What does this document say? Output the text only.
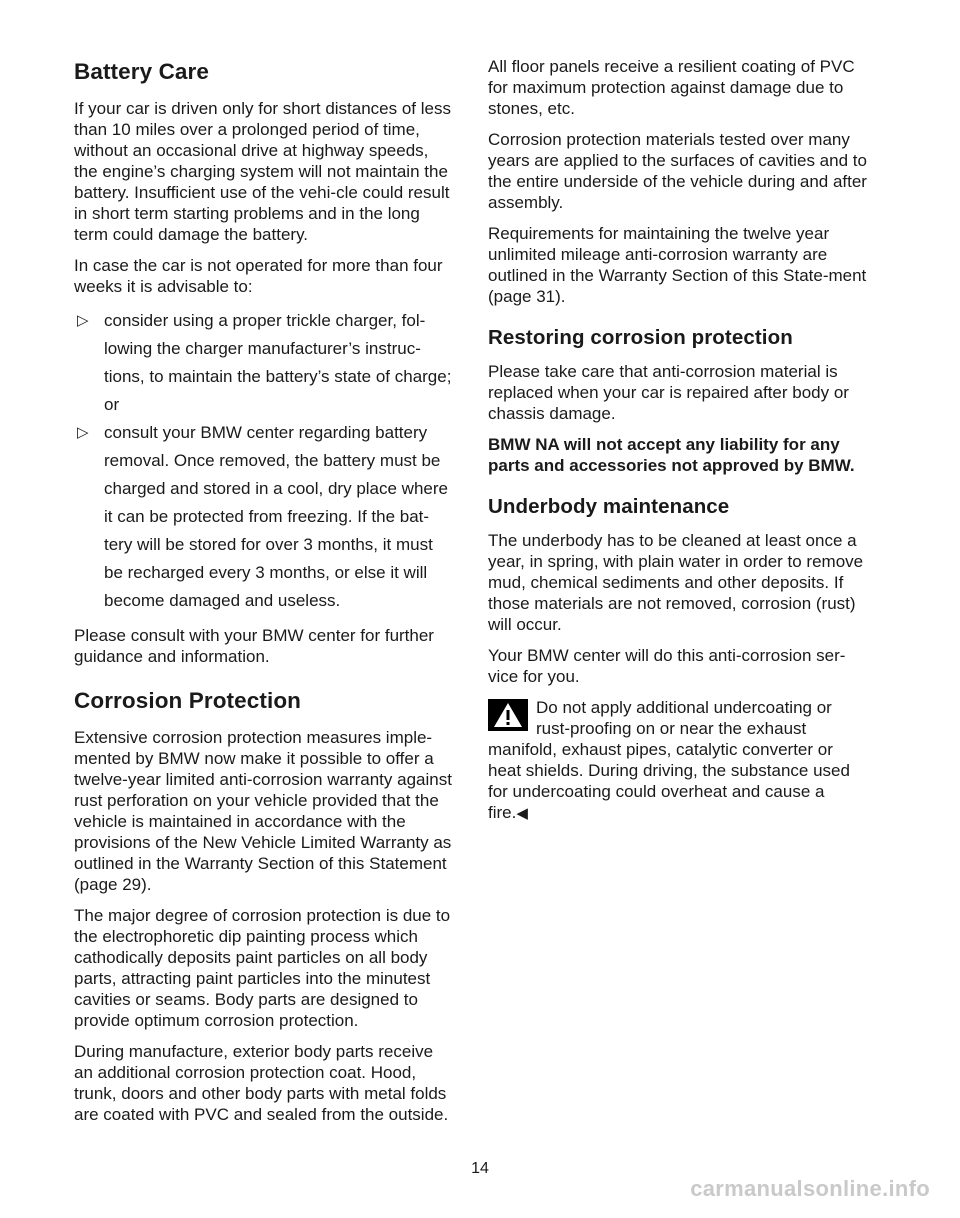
Battery Care

If your car is driven only for short distances of less than 10 miles over a prolonged period of time, without an occasional drive at highway speeds, the engine’s charging system will not maintain the battery. Insufficient use of the vehi-cle could result in short term starting problems and in the long term could damage the battery.

In case the car is not operated for more than four weeks it is advisable to:

▷ consider using a proper trickle charger, fol-lowing the charger manufacturer’s instruc-tions, to maintain the battery’s state of charge; or
▷ consult your BMW center regarding battery removal. Once removed, the battery must be charged and stored in a cool, dry place where it can be protected from freezing. If the bat-tery will be stored for over 3 months, it must be recharged every 3 months, or else it will become damaged and useless.

Please consult with your BMW center for further guidance and information.

Corrosion Protection

Extensive corrosion protection measures imple-mented by BMW now make it possible to offer a twelve-year limited anti-corrosion warranty against rust perforation on your vehicle provided that the vehicle is maintained in accordance with the provisions of the New Vehicle Limited Warranty as outlined in the Warranty Section of this Statement (page 29).

The major degree of corrosion protection is due to the electrophoretic dip painting process which cathodically deposits paint particles on all body parts, attracting paint particles into the minutest cavities or seams. Body parts are designed to provide optimum corrosion protection.

During manufacture, exterior body parts receive an additional corrosion protection coat. Hood, trunk, doors and other body parts with metal folds are coated with PVC and sealed from the outside.

All floor panels receive a resilient coating of PVC for maximum protection against damage due to stones, etc.

Corrosion protection materials tested over many years are applied to the surfaces of cavities and to the entire underside of the vehicle during and after assembly.

Requirements for maintaining the twelve year unlimited mileage anti-corrosion warranty are outlined in the Warranty Section of this State-ment (page 31).

Restoring corrosion protection

Please take care that anti-corrosion material is replaced when your car is repaired after body or chassis damage.

BMW NA will not accept any liability for any parts and accessories not approved by BMW.

Underbody maintenance

The underbody has to be cleaned at least once a year, in spring, with plain water in order to remove mud, chemical sediments and other deposits. If those materials are not removed, corrosion (rust) will occur.

Your BMW center will do this anti-corrosion ser-vice for you.

Do not apply additional undercoating or rust-proofing on or near the exhaust manifold, exhaust pipes, catalytic converter or heat shields. During driving, the substance used for undercoating could overheat and cause a fire.◀
14
carmanualsonline.info
